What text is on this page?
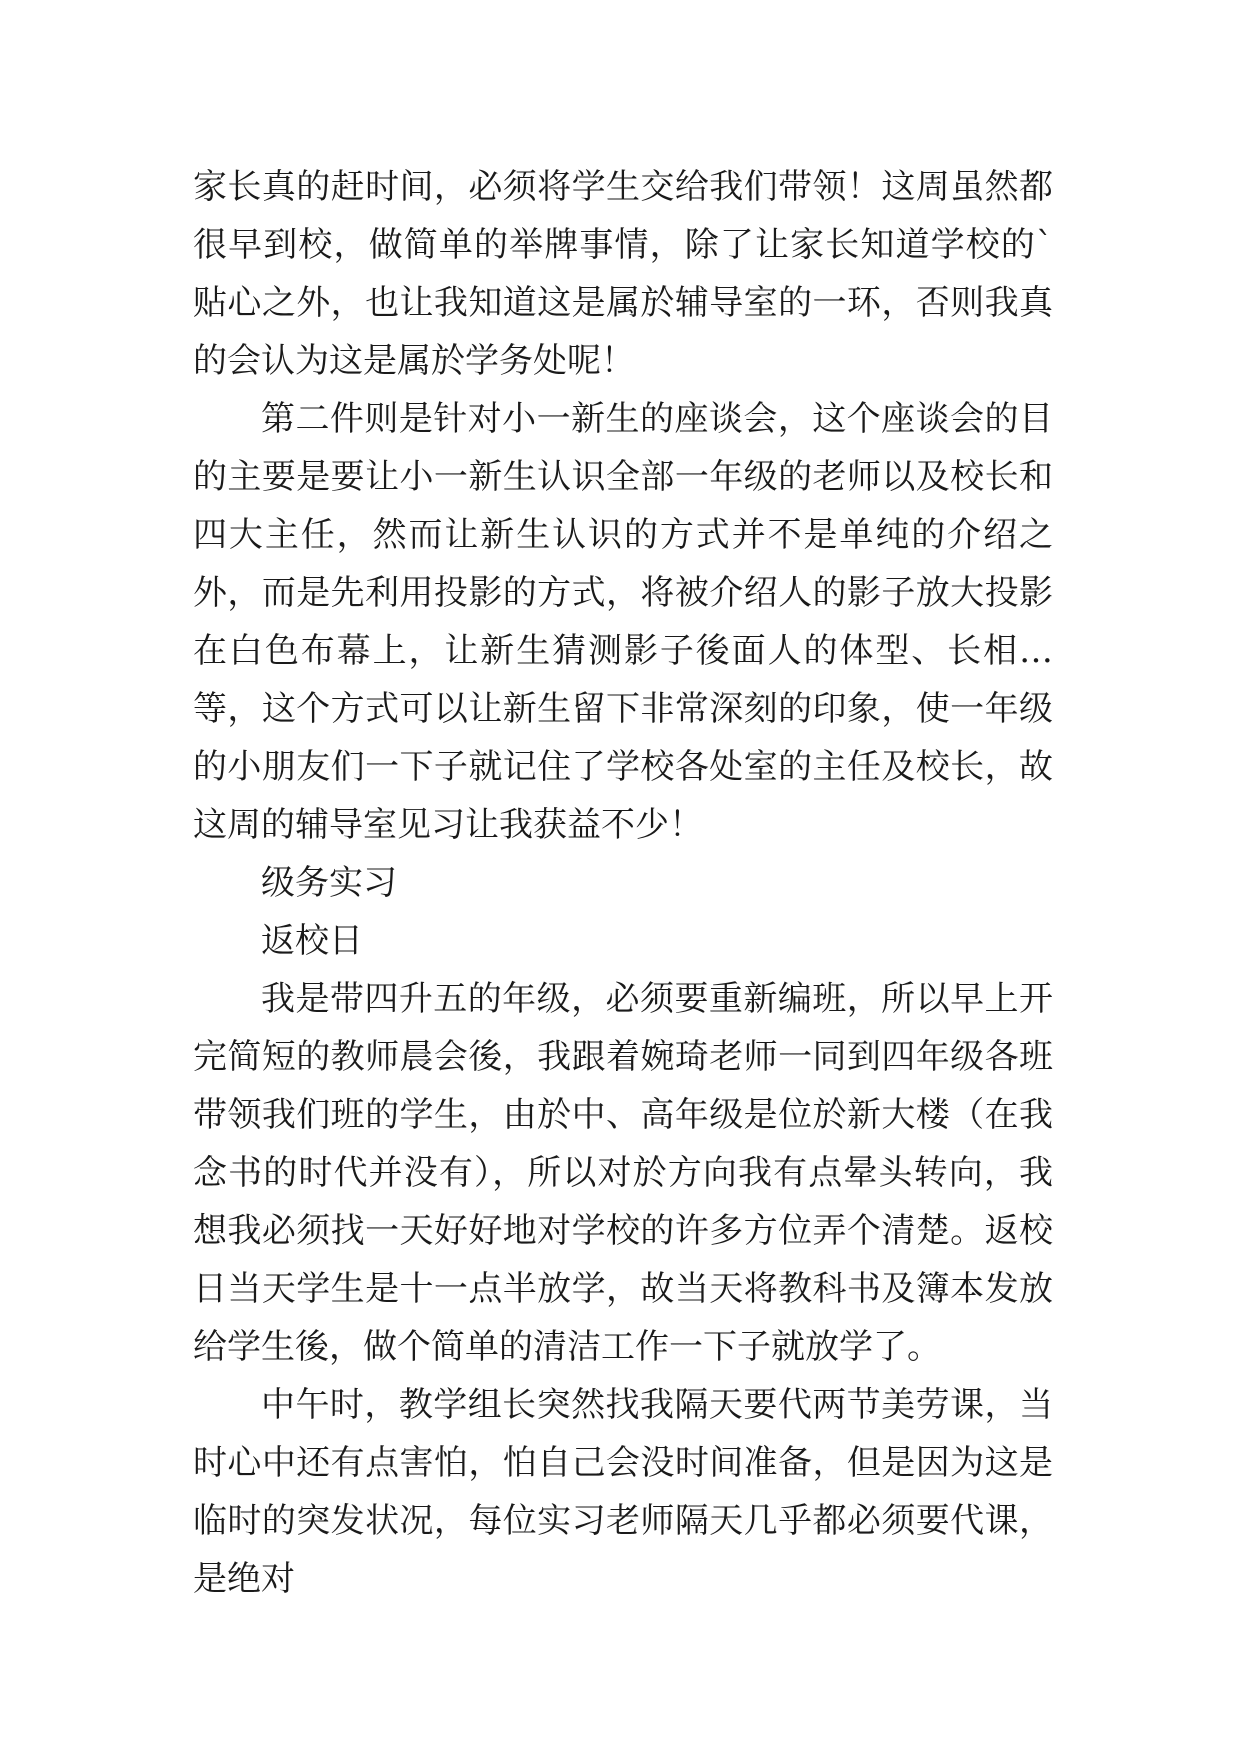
家长真的赶时间，必须将学生交给我们带领！这周虽然都很早到校，做简单的举牌事情，除了让家长知道学校的`贴心之外，也让我知道这是属於辅导室的一环，否则我真的会认为这是属於学务处呢！

第二件则是针对小一新生的座谈会，这个座谈会的目的主要是要让小一新生认识全部一年级的老师以及校长和四大主任，然而让新生认识的方式并不是单纯的介绍之外，而是先利用投影的方式，将被介绍人的影子放大投影在白色布幕上，让新生猜测影子後面人的体型、长相…等，这个方式可以让新生留下非常深刻的印象，使一年级的小朋友们一下子就记住了学校各处室的主任及校长，故这周的辅导室见习让我获益不少！

级务实习

返校日

我是带四升五的年级，必须要重新编班，所以早上开完简短的教师晨会後，我跟着婉琦老师一同到四年级各班带领我们班的学生，由於中、高年级是位於新大楼（在我念书的时代并没有），所以对於方向我有点晕头转向，我想我必须找一天好好地对学校的许多方位弄个清楚。返校日当天学生是十一点半放学，故当天将教科书及簿本发放给学生後，做个简单的清洁工作一下子就放学了。

中午时，教学组长突然找我隔天要代两节美劳课，当时心中还有点害怕，怕自己会没时间准备，但是因为这是临时的突发状况，每位实习老师隔天几乎都必须要代课，是绝对
